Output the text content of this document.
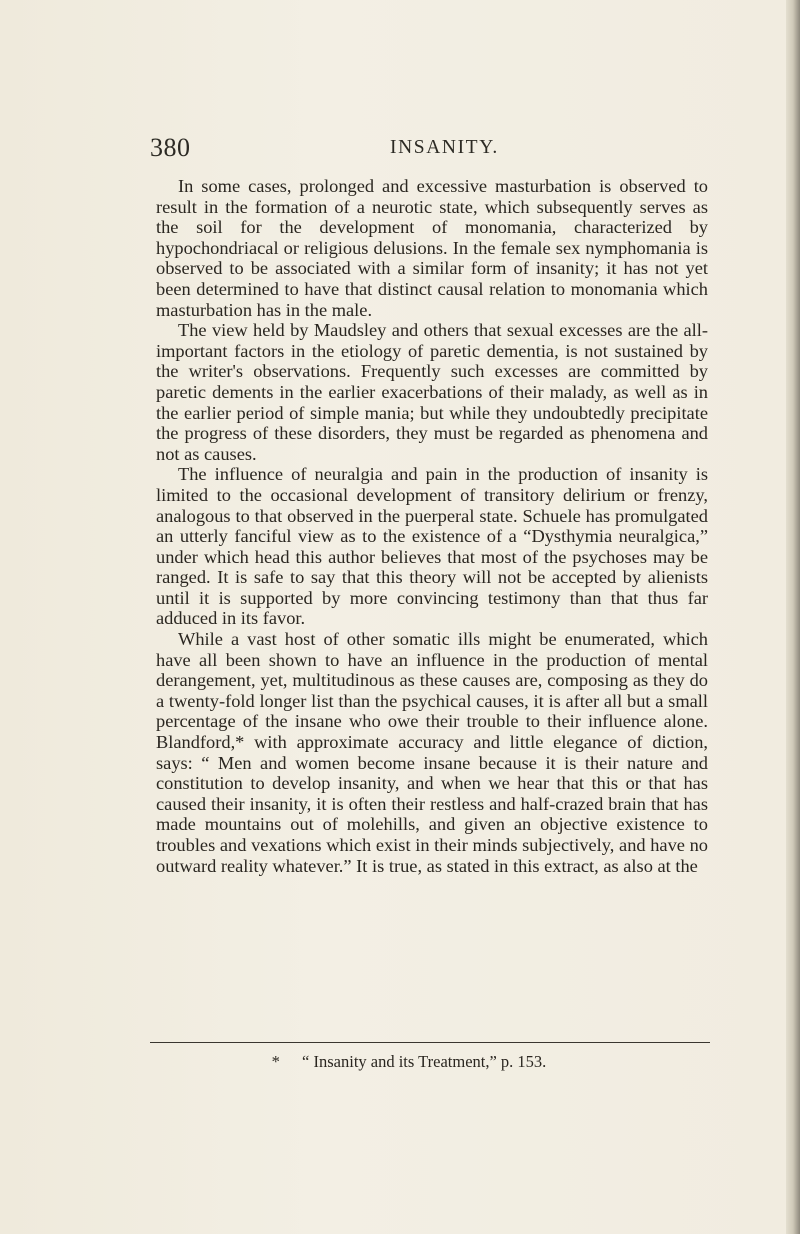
380	INSANITY.

In some cases, prolonged and excessive masturbation is observed to result in the formation of a neurotic state, which subsequently serves as the soil for the development of monomania, characterized by hypochondriacal or religious delusions. In the female sex nymphomania is observed to be associated with a similar form of insanity; it has not yet been determined to have that distinct causal relation to monomania which masturbation has in the male.

The view held by Maudsley and others that sexual excesses are the all-important factors in the etiology of paretic dementia, is not sustained by the writer's observations. Frequently such excesses are committed by paretic dements in the earlier exacerbations of their malady, as well as in the earlier period of simple mania; but while they undoubtedly precipitate the progress of these disorders, they must be regarded as phenomena and not as causes.

The influence of neuralgia and pain in the production of insanity is limited to the occasional development of transitory delirium or frenzy, analogous to that observed in the puerperal state. Schuele has promulgated an utterly fanciful view as to the existence of a “Dysthymia neuralgica,” under which head this author believes that most of the psychoses may be ranged. It is safe to say that this theory will not be accepted by alienists until it is supported by more convincing testimony than that thus far adduced in its favor.

While a vast host of other somatic ills might be enumerated, which have all been shown to have an influence in the production of mental derangement, yet, multitudinous as these causes are, composing as they do a twenty-fold longer list than the psychical causes, it is after all but a small percentage of the insane who owe their trouble to their influence alone. Blandford,* with approximate accuracy and little elegance of diction, says: “ Men and women become insane because it is their nature and constitution to develop insanity, and when we hear that this or that has caused their insanity, it is often their restless and half-crazed brain that has made mountains out of molehills, and given an objective existence to troubles and vexations which exist in their minds subjectively, and have no outward reality whatever.” It is true, as stated in this extract, as also at the

* “ Insanity and its Treatment,” p. 153.
